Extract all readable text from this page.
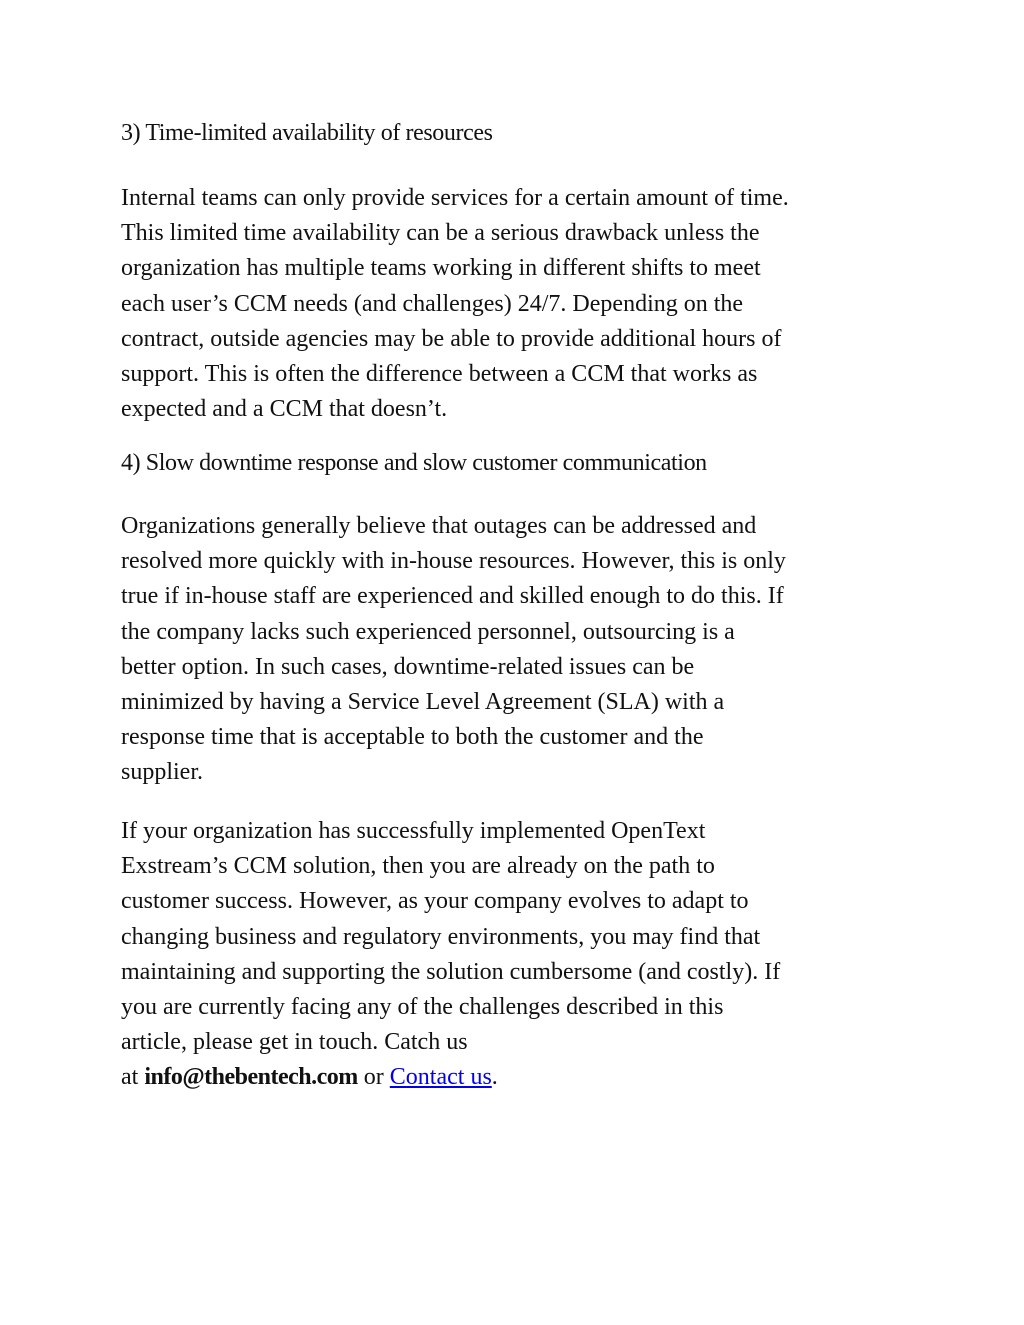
3) Time-limited availability of resources

Internal teams can only provide services for a certain amount of time.
This limited time availability can be a serious drawback unless the
organization has multiple teams working in different shifts to meet
each user’s CCM needs (and challenges) 24/7. Depending on the
contract, outside agencies may be able to provide additional hours of
support. This is often the difference between a CCM that works as
expected and a CCM that doesn’t.

4) Slow downtime response and slow customer communication

Organizations generally believe that outages can be addressed and
resolved more quickly with in-house resources. However, this is only
true if in-house staff are experienced and skilled enough to do this. If
the company lacks such experienced personnel, outsourcing is a
better option. In such cases, downtime-related issues can be
minimized by having a Service Level Agreement (SLA) with a
response time that is acceptable to both the customer and the
supplier.

If your organization has successfully implemented OpenText
Exstream’s CCM solution, then you are already on the path to
customer success. However, as your company evolves to adapt to
changing business and regulatory environments, you may find that
maintaining and supporting the solution cumbersome (and costly). If
you are currently facing any of the challenges described in this
article, please get in touch. Catch us
at info@thebentech.com or Contact us.
